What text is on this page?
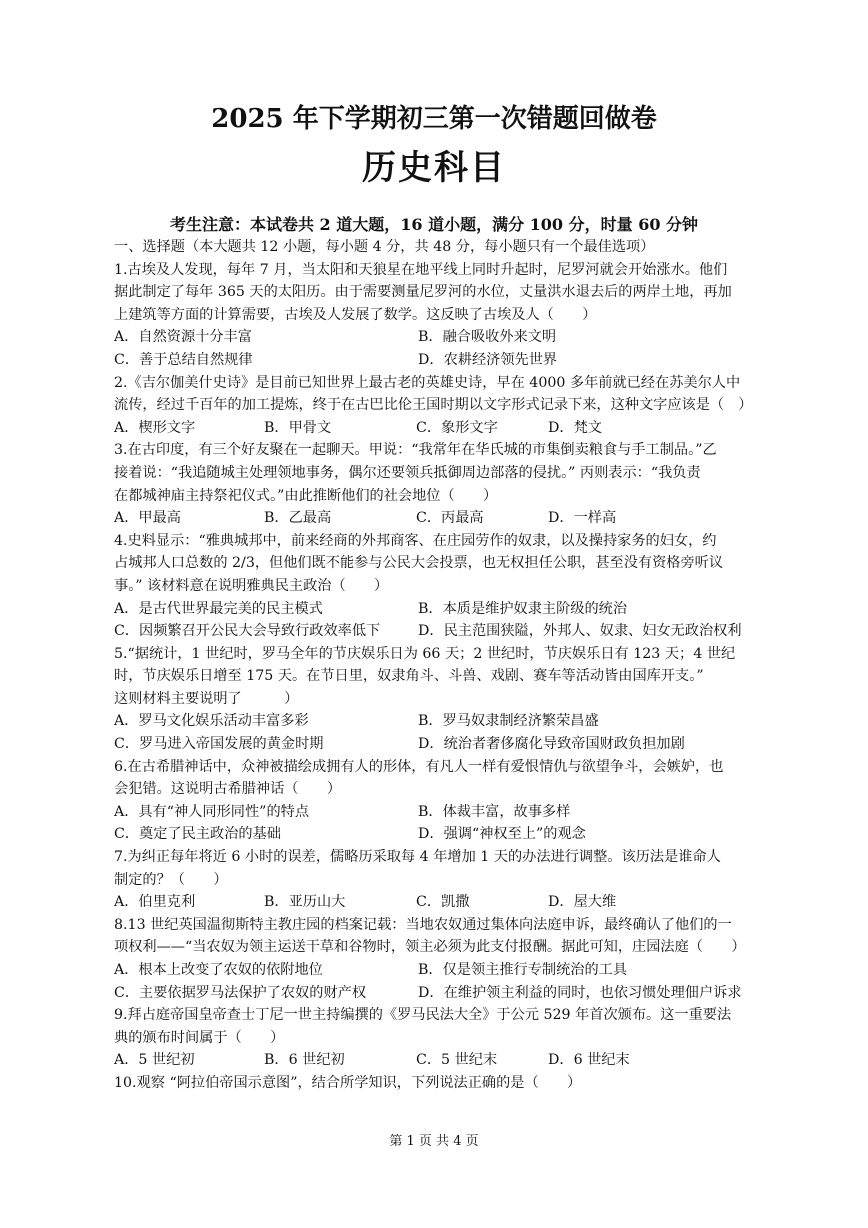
2025 年下学期初三第一次错题回做卷
历史科目
考生注意：本试卷共 2 道大题，16 道小题，满分 100 分，时量 60 分钟
一、选择题（本大题共 12 小题，每小题 4 分，共 48 分，每小题只有一个最佳选项）
1.古埃及人发现，每年 7 月，当太阳和天狼星在地平线上同时升起时，尼罗河就会开始涨水。他们
据此制定了每年 365 天的太阳历。由于需要测量尼罗河的水位，丈量洪水退去后的两岸土地，再加
上建筑等方面的计算需要，古埃及人发展了数学。这反映了古埃及人（　　）
A．自然资源十分丰富	B．融合吸收外来文明
C．善于总结自然规律	D．农耕经济领先世界
2.《吉尔伽美什史诗》是目前已知世界上最古老的英雄史诗，早在 4000 多年前就已经在苏美尔人中
流传，经过千百年的加工提炼，终于在古巴比伦王国时期以文字形式记录下来，这种文字应该是（　）
A．楔形文字	B．甲骨文	C．象形文字	D．梵文
3.在古印度，有三个好友聚在一起聊天。甲说：“我常年在华氏城的市集倒卖粮食与手工制品。”乙
接着说：“我追随城主处理领地事务，偶尔还要领兵抵御周边部落的侵扰。” 丙则表示：“我负责
在都城神庙主持祭祀仪式。”由此推断他们的社会地位（　　）
A．甲最高	B．乙最高	C．丙最高	D．一样高
4.史料显示：“雅典城邦中，前来经商的外邦商客、在庄园劳作的奴隶，以及操持家务的妇女，约
占城邦人口总数的 2/3，但他们既不能参与公民大会投票，也无权担任公职，甚至没有资格旁听议
事。” 该材料意在说明雅典民主政治（　　）
A．是古代世界最完美的民主模式	B．本质是维护奴隶主阶级的统治
C．因频繁召开公民大会导致行政效率低下	D．民主范围狭隘，外邦人、奴隶、妇女无政治权利
5.“据统计，1 世纪时，罗马全年的节庆娱乐日为 66 天；2 世纪时，节庆娱乐日有 123 天；4 世纪
时，节庆娱乐日增至 175 天。在节日里，奴隶角斗、斗兽、戏剧、赛车等活动皆由国库开支。”
这则材料主要说明了　　　）
A．罗马文化娱乐活动丰富多彩	B．罗马奴隶制经济繁荣昌盛
C．罗马进入帝国发展的黄金时期	D．统治者奢侈腐化导致帝国财政负担加剧
6.在古希腊神话中，众神被描绘成拥有人的形体，有凡人一样有爱恨情仇与欲望争斗，会嫉妒，也
会犯错。这说明古希腊神话（　　）
A．具有“神人同形同性”的特点	B．体裁丰富，故事多样
C．奠定了民主政治的基础	D．强调“神权至上”的观念
7.为纠正每年将近 6 小时的误差，儒略历采取每 4 年增加 1 天的办法进行调整。该历法是谁命人
制定的？（　　）
A．伯里克利	B．亚历山大	C．凯撒	D．屋大维
8.13 世纪英国温彻斯特主教庄园的档案记载：当地农奴通过集体向法庭申诉，最终确认了他们的一
项权利——“当农奴为领主运送干草和谷物时，领主必须为此支付报酬。据此可知，庄园法庭（　　）
A．根本上改变了农奴的依附地位	B．仅是领主推行专制统治的工具
C．主要依据罗马法保护了农奴的财产权	D．在维护领主利益的同时，也依习惯处理佃户诉求
9.拜占庭帝国皇帝查士丁尼一世主持编撰的《罗马民法大全》于公元 529 年首次颁布。这一重要法
典的颁布时间属于（　　）
A．5 世纪初	B．6 世纪初	C．5 世纪末	D．6 世纪末
10.观察 “阿拉伯帝国示意图”，结合所学知识，下列说法正确的是（　　）
第 1 页 共 4 页
